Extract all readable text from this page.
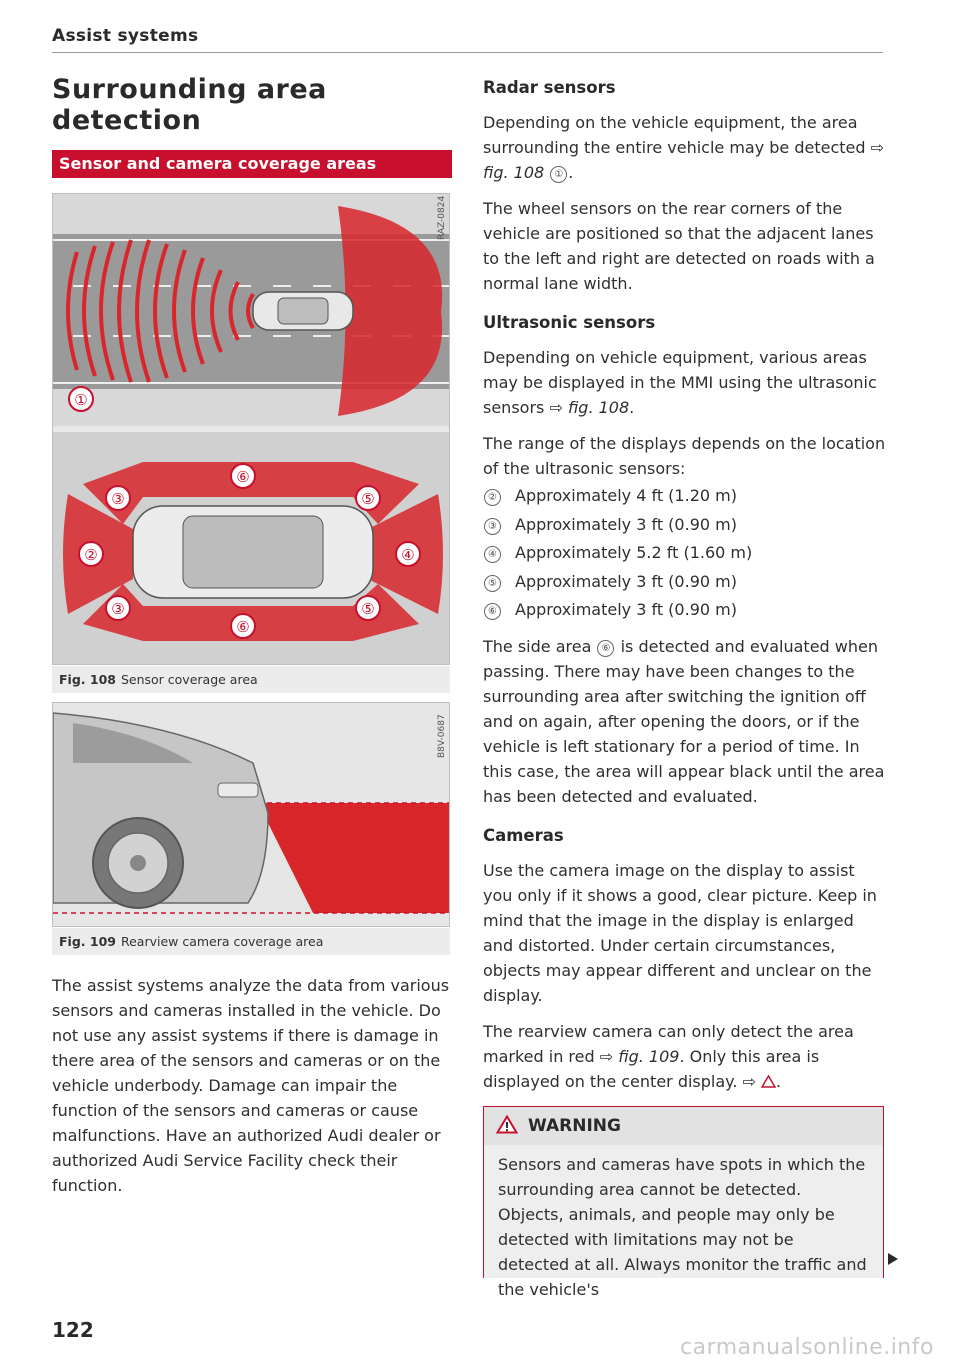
Assist systems
Surrounding area detection
Sensor and camera coverage areas
①
⑥
⑥
③
③
②	④
⑤
⑤
RAZ-0824
Fig. 108 Sensor coverage area
B8V-0687
Fig. 109 Rearview camera coverage area
The assist systems analyze the data from various sensors and cameras installed in the vehicle. Do not use any assist systems if there is damage in there area of the sensors and cameras or on the vehicle underbody. Damage can impair the function of the sensors and cameras or cause malfunctions. Have an authorized Audi dealer or authorized Audi Service Facility check their function.
Radar sensors
Depending on the vehicle equipment, the area surrounding the entire vehicle may be detected ⇨ fig. 108 ① .
The wheel sensors on the rear corners of the vehicle are positioned so that the adjacent lanes to the left and right are detected on roads with a normal lane width.
Ultrasonic sensors
Depending on vehicle equipment, various areas may be displayed in the MMI using the ultrasonic sensors ⇨ fig. 108.
The range of the displays depends on the location of the ultrasonic sensors:
② Approximately 4 ft (1.20 m)
③ Approximately 3 ft (0.90 m)
④ Approximately 5.2 ft (1.60 m)
⑤ Approximately 3 ft (0.90 m)
⑥ Approximately 3 ft (0.90 m)
The side area ⑥ is detected and evaluated when passing. There may have been changes to the surrounding area after switching the ignition off and on again, after opening the doors, or if the vehicle is left stationary for a period of time. In this case, the area will appear black until the area has been detected and evaluated.
Cameras
Use the camera image on the display to assist you only if it shows a good, clear picture. Keep in mind that the image in the display is enlarged and distorted. Under certain circumstances, objects may appear different and unclear on the display.
The rearview camera can only detect the area marked in red ⇨ fig. 109. Only this area is displayed on the center display. ⇨ .
WARNING
Sensors and cameras have spots in which the surrounding area cannot be detected. Objects, animals, and people may only be detected with limitations may not be detected at all. Always monitor the traffic and the vehicle's
122
carmanualsonline.info
